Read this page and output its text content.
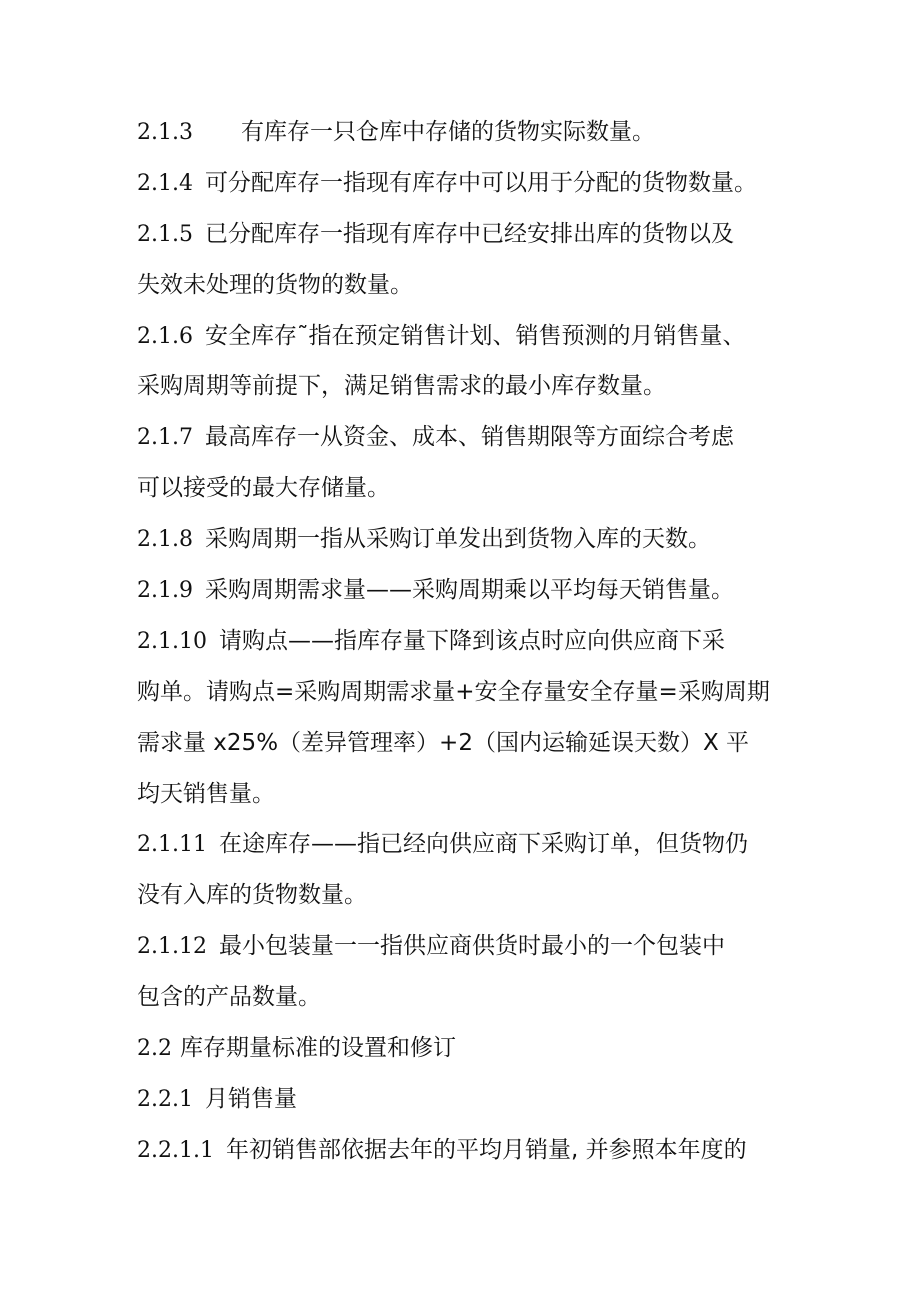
2.1.3 有库存一只仓库中存储的货物实际数量。
2.1.4 可分配库存一指现有库存中可以用于分配的货物数量。
2.1.5 已分配库存一指现有库存中已经安排出库的货物以及
失效未处理的货物的数量。
2.1.6 安全库存˜指在预定销售计划、销售预测的月销售量、
采购周期等前提下，满足销售需求的最小库存数量。
2.1.7 最高库存一从资金、成本、销售期限等方面综合考虑
可以接受的最大存储量。
2.1.8 采购周期一指从采购订单发出到货物入库的天数。
2.1.9 采购周期需求量——采购周期乘以平均每天销售量。
2.1.10 请购点——指库存量下降到该点时应向供应商下采
购单。请购点=采购周期需求量+安全存量安全存量=采购周期
需求量 x25%（差异管理率）+2（国内运输延误天数）X 平
均天销售量。
2.1.11 在途库存——指已经向供应商下采购订单，但货物仍
没有入库的货物数量。
2.1.12 最小包装量一一指供应商供货时最小的一个包装中
包含的产品数量。
2.2 库存期量标准的设置和修订
2.2.1 月销售量
2.2.1.1 年初销售部依据去年的平均月销量, 并参照本年度的
